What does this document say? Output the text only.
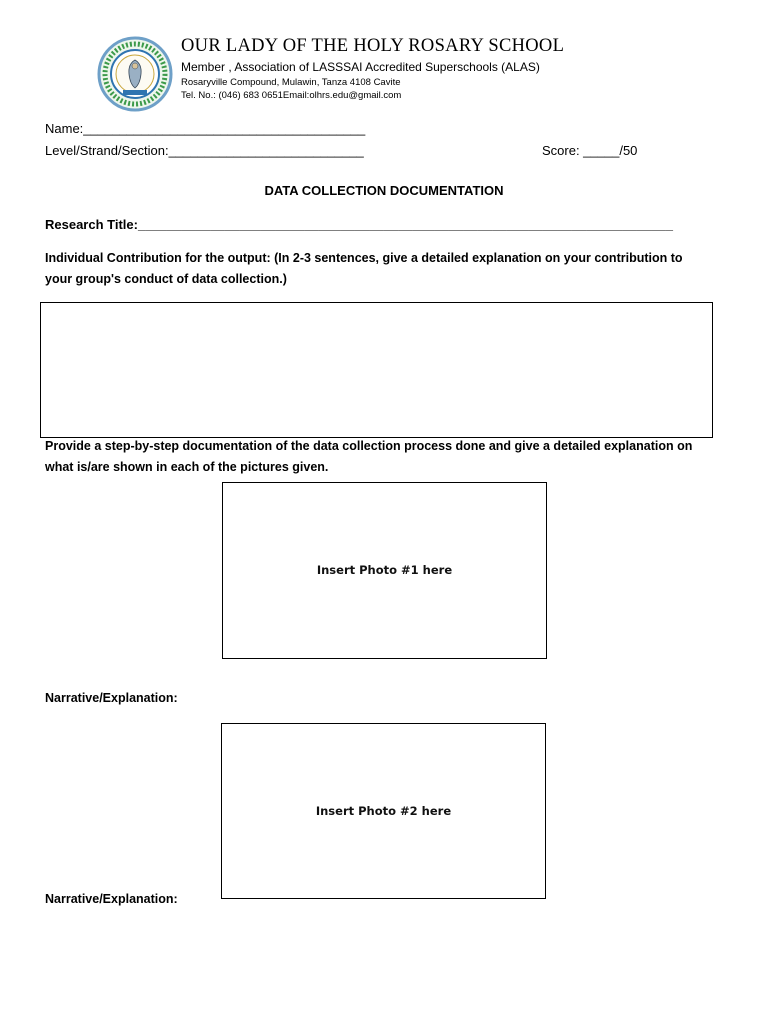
OUR LADY OF THE HOLY ROSARY SCHOOL
Member , Association of LASSSAI Accredited Superschools (ALAS)
Rosaryville Compound, Mulawin, Tanza 4108 Cavite
Tel. No.: (046) 683 0651Email:olhrs.edu@gmail.com
Name:_______________________________________
Level/Strand/Section:___________________________	Score: _____/50
DATA COLLECTION DOCUMENTATION
Research Title:__________________________________________________________________________
Individual Contribution for the output: (In 2-3 sentences, give a detailed explanation on your contribution to your group's conduct of data collection.)
Provide a step-by-step documentation of the data collection process done and give a detailed explanation on what is/are shown in each of the pictures given.
Insert Photo #1 here
Narrative/Explanation:
Insert Photo #2 here
Narrative/Explanation:
